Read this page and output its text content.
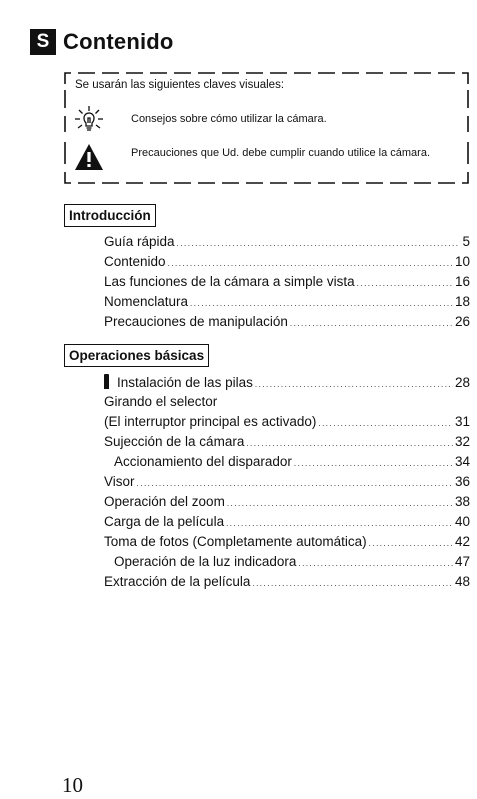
S Contenido
Se usarán las siguientes claves visuales:
Consejos sobre cómo utilizar la cámara.
Precauciones que Ud. debe cumplir cuando utilice la cámara.
Introducción
Guía rápida .....	5
Contenido .....	10
Las funciones de la cámara a simple vista .....	16
Nomenclatura .....	18
Precauciones de manipulación .....	26
Operaciones básicas
Instalación de las pilas .....	28
Girando el selector
(El interruptor principal es activado) .....	31
Sujección de la cámara .....	32
Accionamiento del disparador .....	34
Visor .....	36
Operación del zoom .....	38
Carga de la película .....	40
Toma de fotos (Completamente automática) .....	42
Operación de la luz indicadora .....	47
Extracción de la película .....	48
10
